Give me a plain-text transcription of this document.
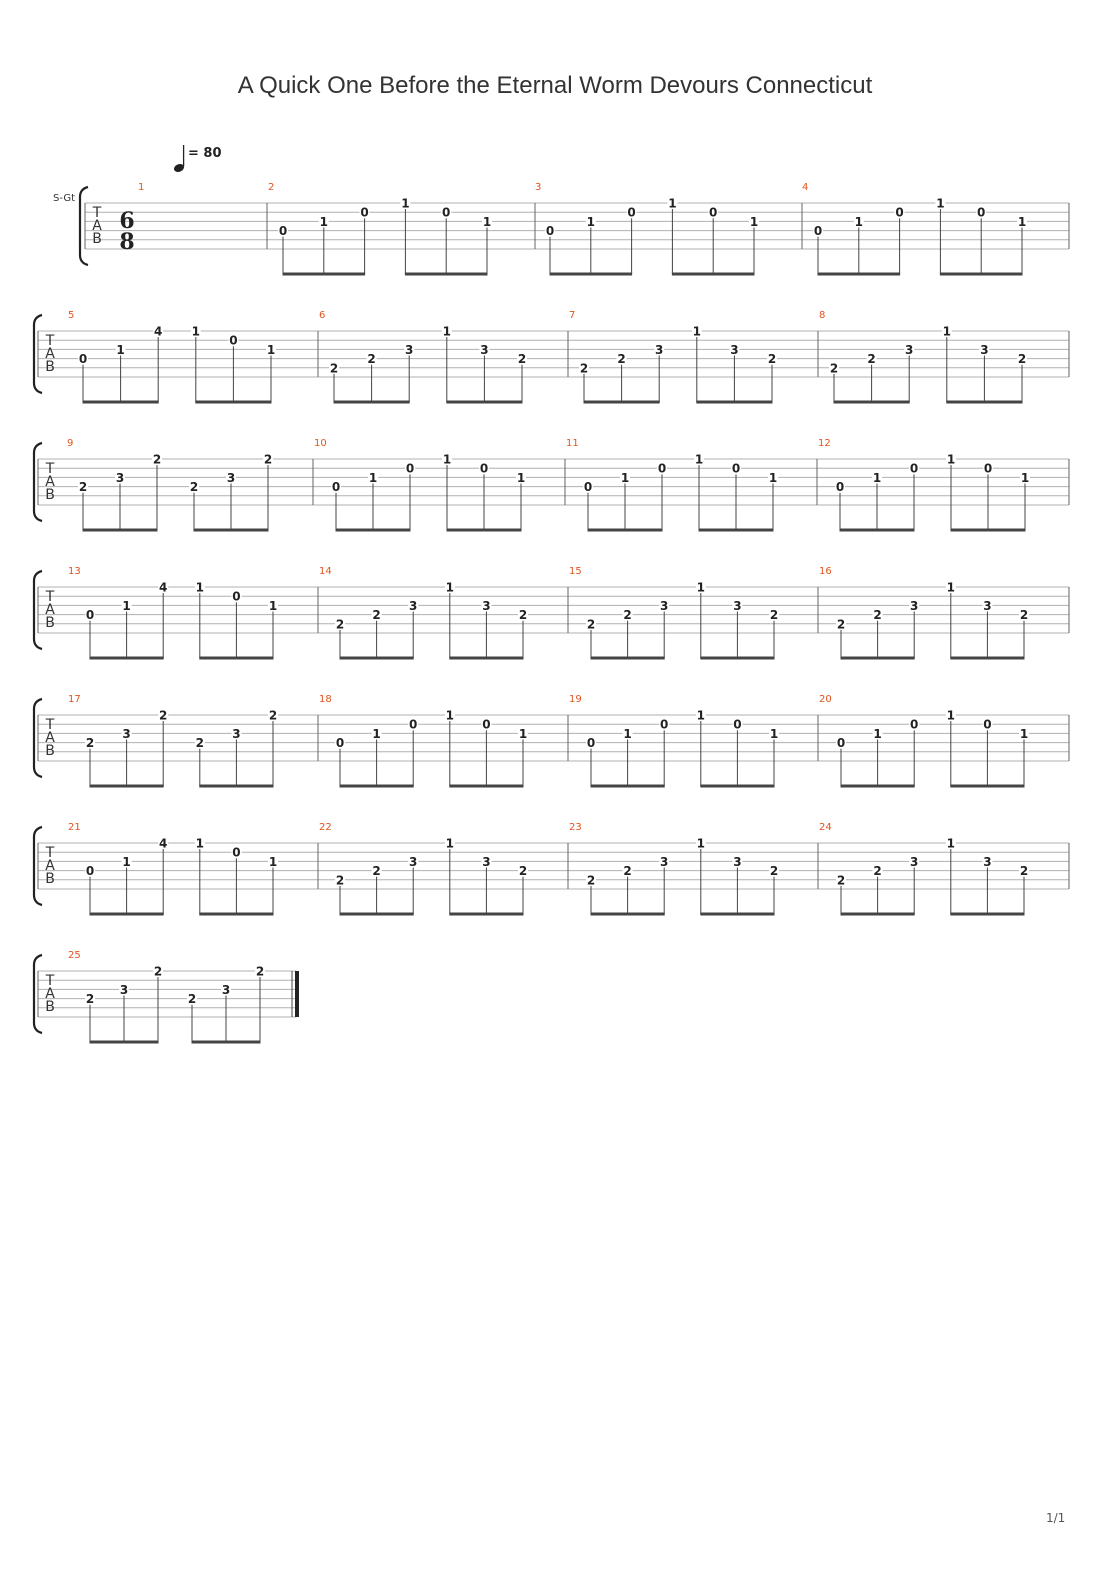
A Quick One Before the Eternal Worm Devours Connecticut
= 80
T
A
B
S-Gt
6
8
1	2
0
1
0
1
0
1
3
0
1
0
1
0
1
4
0
1
0
1
0
1
T
A
B
5
0
1
4 1
0
1
6
2
2
3
1
3
2
7
2
2
3
1
3
2
8
2
2
3
1
3
2
T
A
B
9
2
3
2
2
3
2
10
0
1
0
1
0
1
11
0
1
0
1
0
1
12
0
1
0
1
0
1
T
A
B
13
0
1
4 1
0
1
14
2
2
3
1
3
2
15
2
2
3
1
3
2
16
2
2
3
1
3
2
T
A
B
17
2
3
2
2
3
2
18
0
1
0
1
0
1
19
0
1
0
1
0
1
20
0
1
0
1
0
1
T
A
B
21
0
1
4 1
0
1
22
2
2
3
1
3
2
23
2
2
3
1
3
2
24
2
2
3
1
3
2
T
A
B
25
2
3
2
2
3
2
1/1
